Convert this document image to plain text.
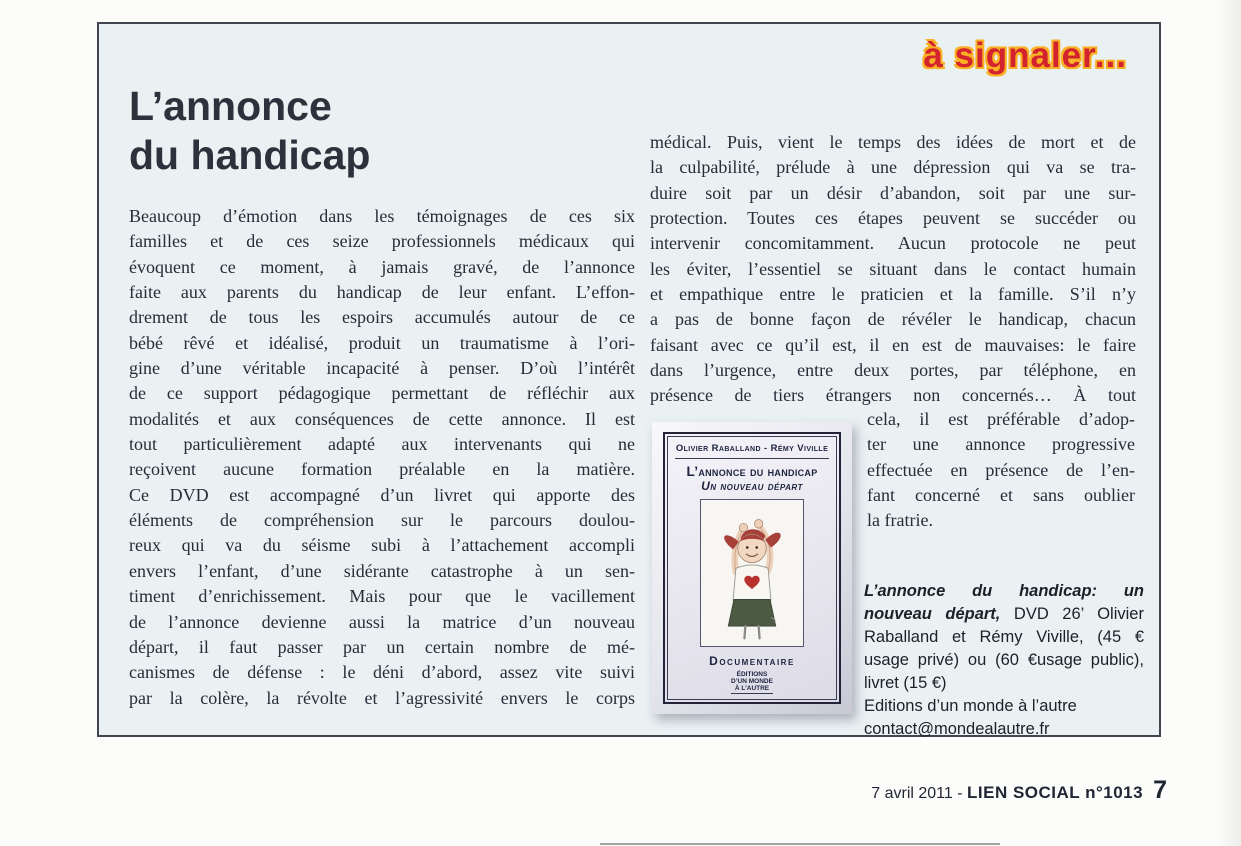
à signaler...
L’annonce
du handicap
Beaucoup d’émotion dans les témoignages de ces six
familles et de ces seize professionnels médicaux qui
évoquent ce moment, à jamais gravé, de l’annonce
faite aux parents du handicap de leur enfant. L’effon-
drement de tous les espoirs accumulés autour de ce
bébé rêvé et idéalisé, produit un traumatisme à l’ori-
gine d’une véritable incapacité à penser. D’où l’intérêt
de ce support pédagogique permettant de réfléchir aux
modalités et aux conséquences de cette annonce. Il est
tout particulièrement adapté aux intervenants qui ne
reçoivent aucune formation préalable en la matière.
Ce DVD est accompagné d’un livret qui apporte des
éléments de compréhension sur le parcours doulou-
reux qui va du séisme subi à l’attachement accompli
envers l’enfant, d’une sidérante catastrophe à un sen-
timent d’enrichissement. Mais pour que le vacillement
de l’annonce devienne aussi la matrice d’un nouveau
départ, il faut passer par un certain nombre de mé-
canismes de défense : le déni d’abord, assez vite suivi
par la colère, la révolte et l’agressivité envers le corps
médical. Puis, vient le temps des idées de mort et de
la culpabilité, prélude à une dépression qui va se tra-
duire soit par un désir d’abandon, soit par une sur-
protection. Toutes ces étapes peuvent se succéder ou
intervenir concomitamment. Aucun protocole ne peut
les éviter, l’essentiel se situant dans le contact humain
et empathique entre le praticien et la famille. S’il n’y
a pas de bonne façon de révéler le handicap, chacun
faisant avec ce qu’il est, il en est de mauvaises: le faire
dans l’urgence, entre deux portes, par téléphone, en
présence de tiers étrangers non concernés… À tout
cela, il est préférable d’adop-
ter une annonce progressive
effectuée en présence de l’en-
fant concerné et sans oublier
la fratrie.
Olivier Raballand - Rémy Viville
L’annonce du handicap
Un nouveau départ
Documentaire
ÉDITIONS
D’UN MONDE
À L’AUTRE

L’annonce du handicap: un nouveau départ, DVD 26’ Olivier Raballand et Rémy Viville, (45 € usage privé) ou (60 €usage public), livret (15 €)

Editions d’un monde à l’autre
contact@mondealautre.fr
7 avril 2011 - LIEN SOCIAL n°1013 7
